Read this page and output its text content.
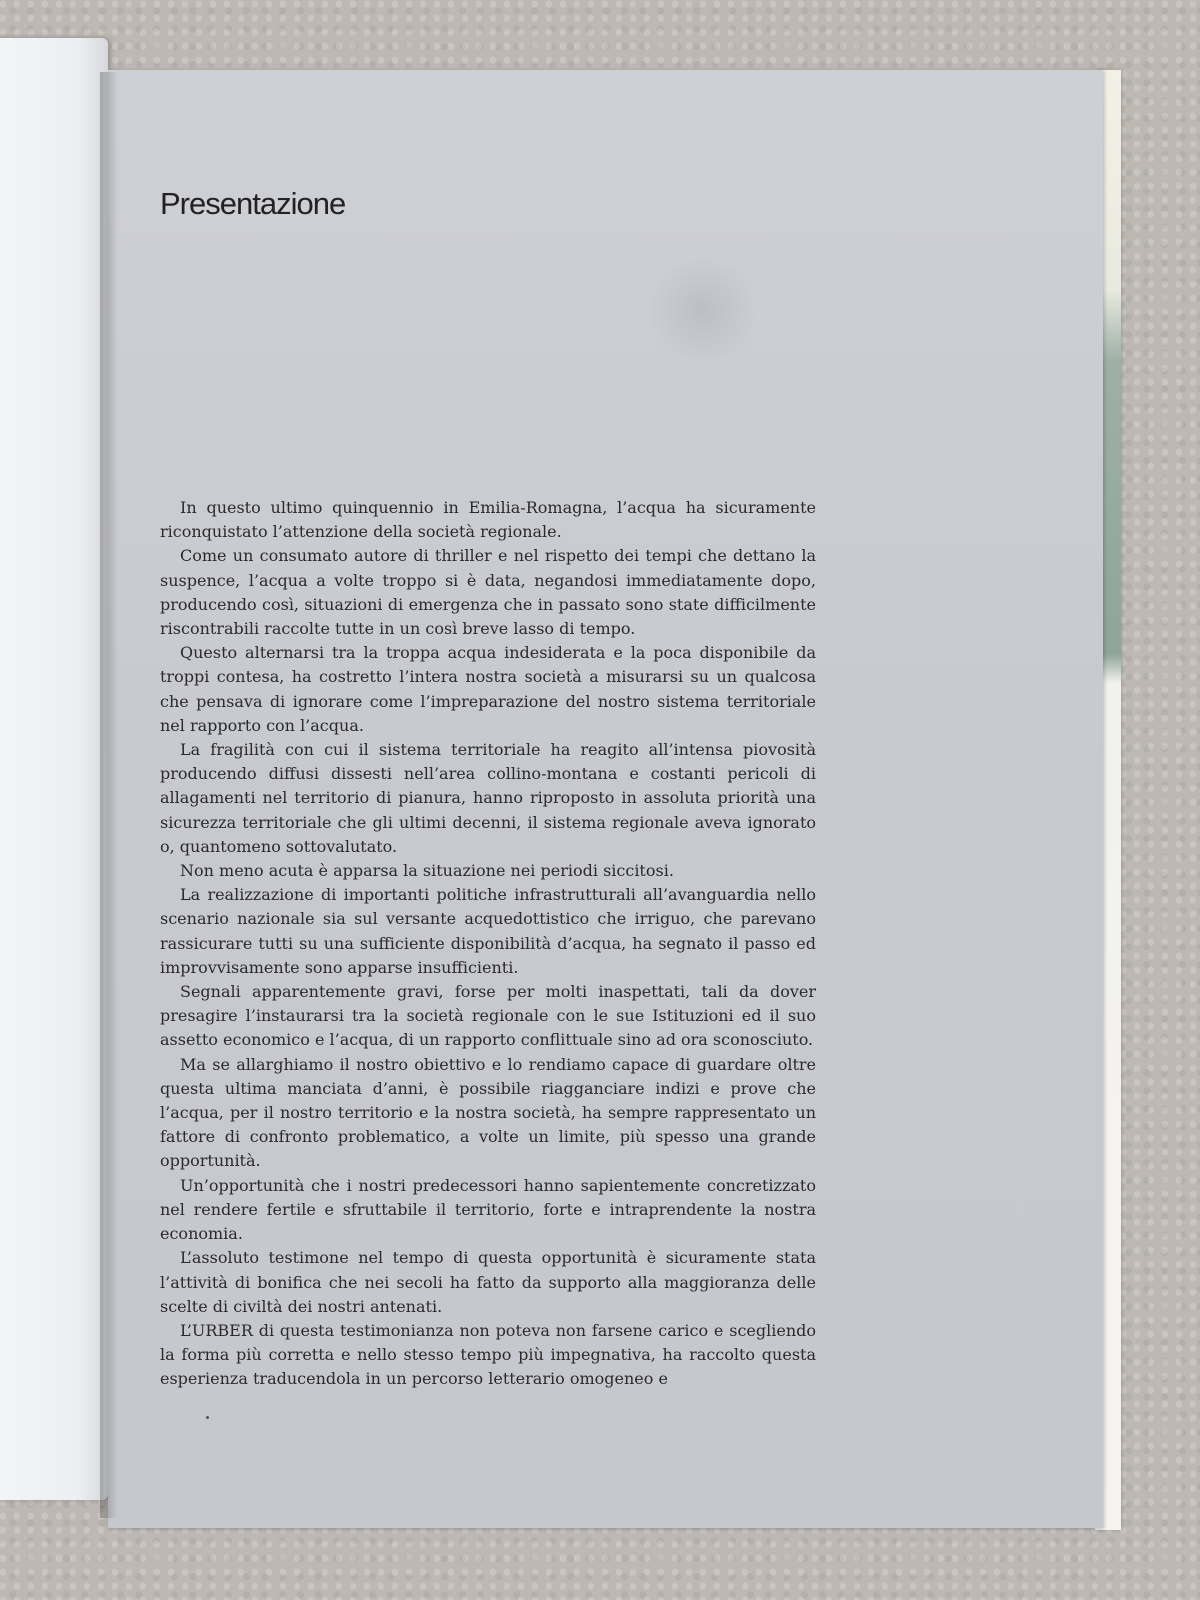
Presentazione

In questo ultimo quinquennio in Emilia-Romagna, l’acqua ha sicuramente riconquistato l’attenzione della società regionale.

Come un consumato autore di thriller e nel rispetto dei tempi che dettano la suspence, l’acqua a volte troppo si è data, negandosi immediatamente dopo, producendo così, situazioni di emergenza che in passato sono state difficilmente riscontrabili raccolte tutte in un così breve lasso di tempo.

Questo alternarsi tra la troppa acqua indesiderata e la poca disponibile da troppi contesa, ha costretto l’intera nostra società a misurarsi su un qualcosa che pensava di ignorare come l’impreparazione del nostro sistema territoriale nel rapporto con l’acqua.

La fragilità con cui il sistema territoriale ha reagito all’intensa piovosità producendo diffusi dissesti nell’area collino-montana e costanti pericoli di allagamenti nel territorio di pianura, hanno riproposto in assoluta priorità una sicurezza territoriale che gli ultimi decenni, il sistema regionale aveva ignorato o, quantomeno sottovalutato.

Non meno acuta è apparsa la situazione nei periodi siccitosi.

La realizzazione di importanti politiche infrastrutturali all’avanguardia nello scenario nazionale sia sul versante acquedottistico che irriguo, che parevano rassicurare tutti su una sufficiente disponibilità d’acqua, ha segnato il passo ed improvvisamente sono apparse insufficienti.

Segnali apparentemente gravi, forse per molti inaspettati, tali da dover presagire l’instaurarsi tra la società regionale con le sue Istituzioni ed il suo assetto economico e l’acqua, di un rapporto conflittuale sino ad ora sconosciuto.

Ma se allarghiamo il nostro obiettivo e lo rendiamo capace di guardare oltre questa ultima manciata d’anni, è possibile riagganciare indizi e prove che l’acqua, per il nostro territorio e la nostra società, ha sempre rappresentato un fattore di confronto problematico, a volte un limite, più spesso una grande opportunità.

Un’opportunità che i nostri predecessori hanno sapientemente concretizzato nel rendere fertile e sfruttabile il territorio, forte e intraprendente la nostra economia.

L’assoluto testimone nel tempo di questa opportunità è sicuramente stata l’attività di bonifica che nei secoli ha fatto da supporto alla maggioranza delle scelte di civiltà dei nostri antenati.

L’URBER di questa testimonianza non poteva non farsene carico e scegliendo la forma più corretta e nello stesso tempo più impegnativa, ha raccolto questa esperienza traducendola in un percorso letterario omogeneo e
